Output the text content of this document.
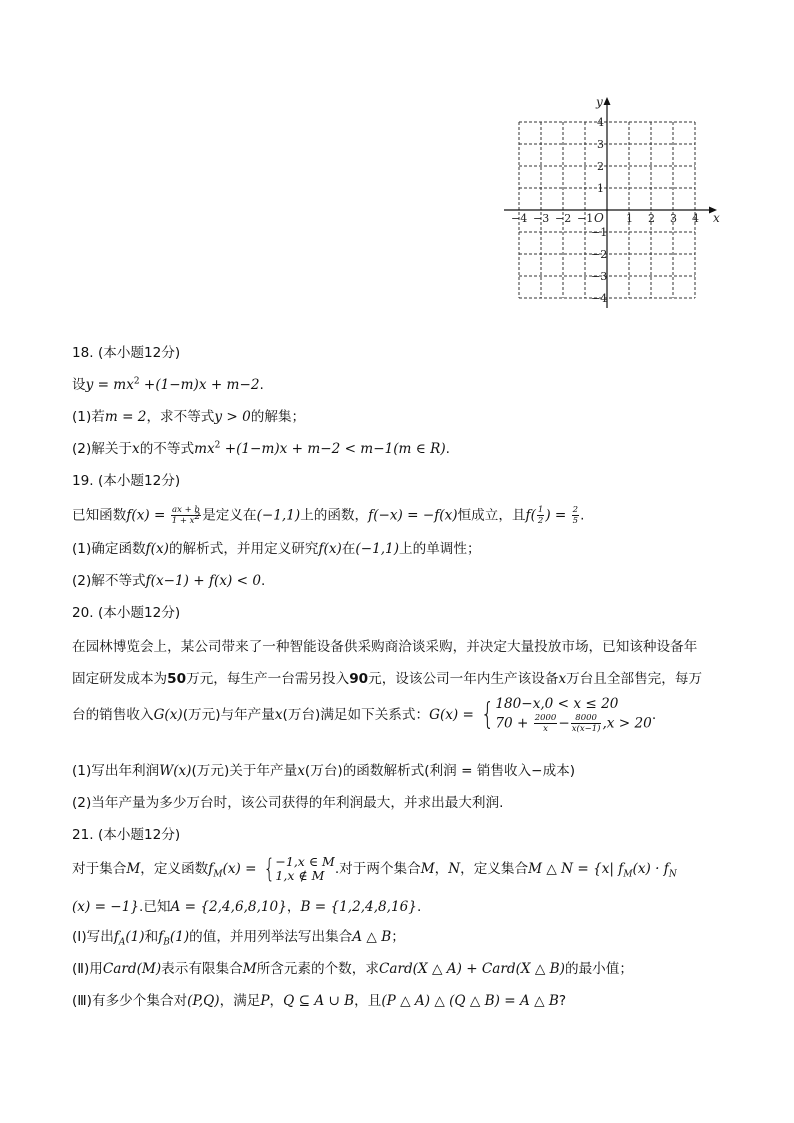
x
y
O
−4 −3 −2 −1	1 2 3 4
4
3
2
1
−1
−2
−3
−4
18. (本小题12分)
设$y = mx^2 +(1-m)x + m-2$.
(1)若m = 2，求不等式y > 0的解集；
(2)解关于x的不等式$mx^2 +(1-m)x + m-2 < m-1(m$ ∈ R).
19. (本小题12分)
已知函数$f(x) = \frac{ax + b}{1 + x^2}$ 是定义在(−1,1)上的函数，f(−x) = −f(x)恒成立，且$f( \frac{1}{2}$ ) = $\frac{2}{5}$ .
(1)确定函数f(x)的解析式，并用定义研究f(x)在(−1,1)上的单调性；
(2)解不等式f(x−1) + f(x) < 0.
20. (本小题12分)
在园林博览会上，某公司带来了一种智能设备供采购商洽谈采购，并决定大量投放市场，已知该种设备年
固定研发成本为50万元，每生产一台需另投入90元，设该公司一年内生产该设备x万台且全部售完，每万
台的销售收入G(x)(万元)与年产量x(万台)满足如下关系式：G(x) = { 180−x,0 < x ≤ 20
$70 + \frac{2000}{x} - \frac{8000}{x(x-1)} ,x > 20$
.
(1)写出年利润W(x)(万元)关于年产量x(万台)的函数解析式(利润 = 销售收入−成本)
(2)当年产量为多少万台时，该公司获得的年利润最大，并求出最大利润.
21. (本小题12分)
对于集合M，定义函数$f_M(x)$ = { −1,x ∈ M
1,x ∉ M .对于两个集合M，N，定义集合M △ N = {x| $f_M(x) \cdot f_N$
(x) = −1}.已知A = {2,4,6,8,10}，B = {1,2,4,8,16}.
(Ⅰ)写出$f_A(1)$和$f_B(1)$的值，并用列举法写出集合A △ B；
(Ⅱ)用Card(M)表示有限集合M所含元素的个数，求Card(X △ A) + Card(X △ B)的最小值；
(Ⅲ)有多少个集合对(P,Q)，满足P，Q ⊆ A ∪ B，且(P △ A) △ (Q △ B) = A △ B?
